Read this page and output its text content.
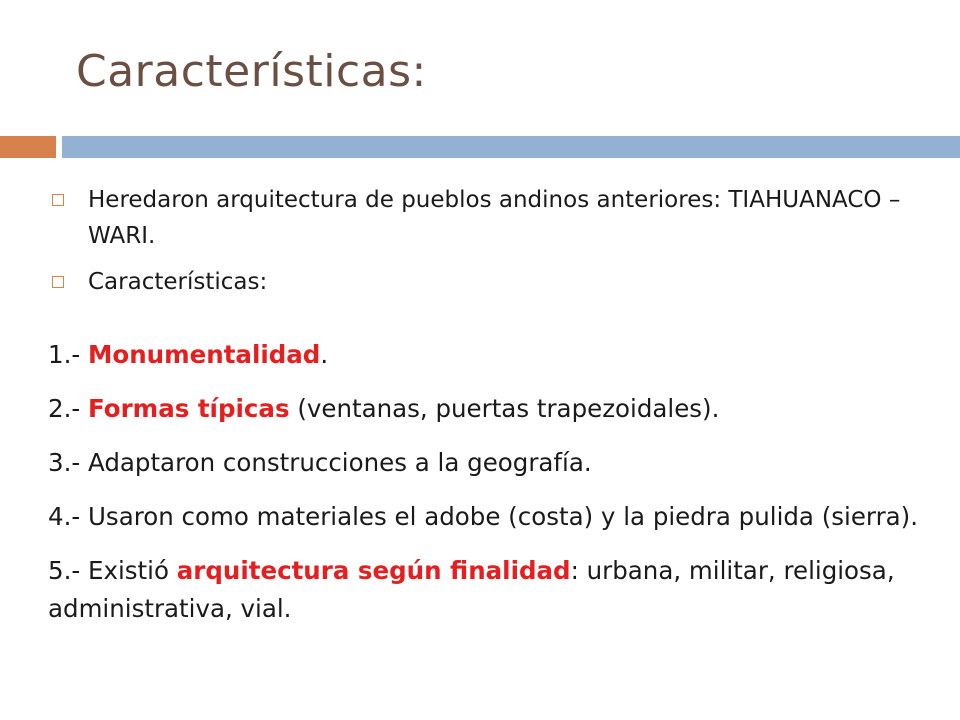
Características:
Heredaron arquitectura de pueblos andinos anteriores: TIAHUANACO – WARI.
Características:

1.- Monumentalidad.

2.- Formas típicas (ventanas, puertas trapezoidales).

3.- Adaptaron construcciones a la geografía.

4.- Usaron como materiales el adobe (costa) y la piedra pulida (sierra).

5.- Existió arquitectura según finalidad: urbana, militar, religiosa, administrativa, vial.
